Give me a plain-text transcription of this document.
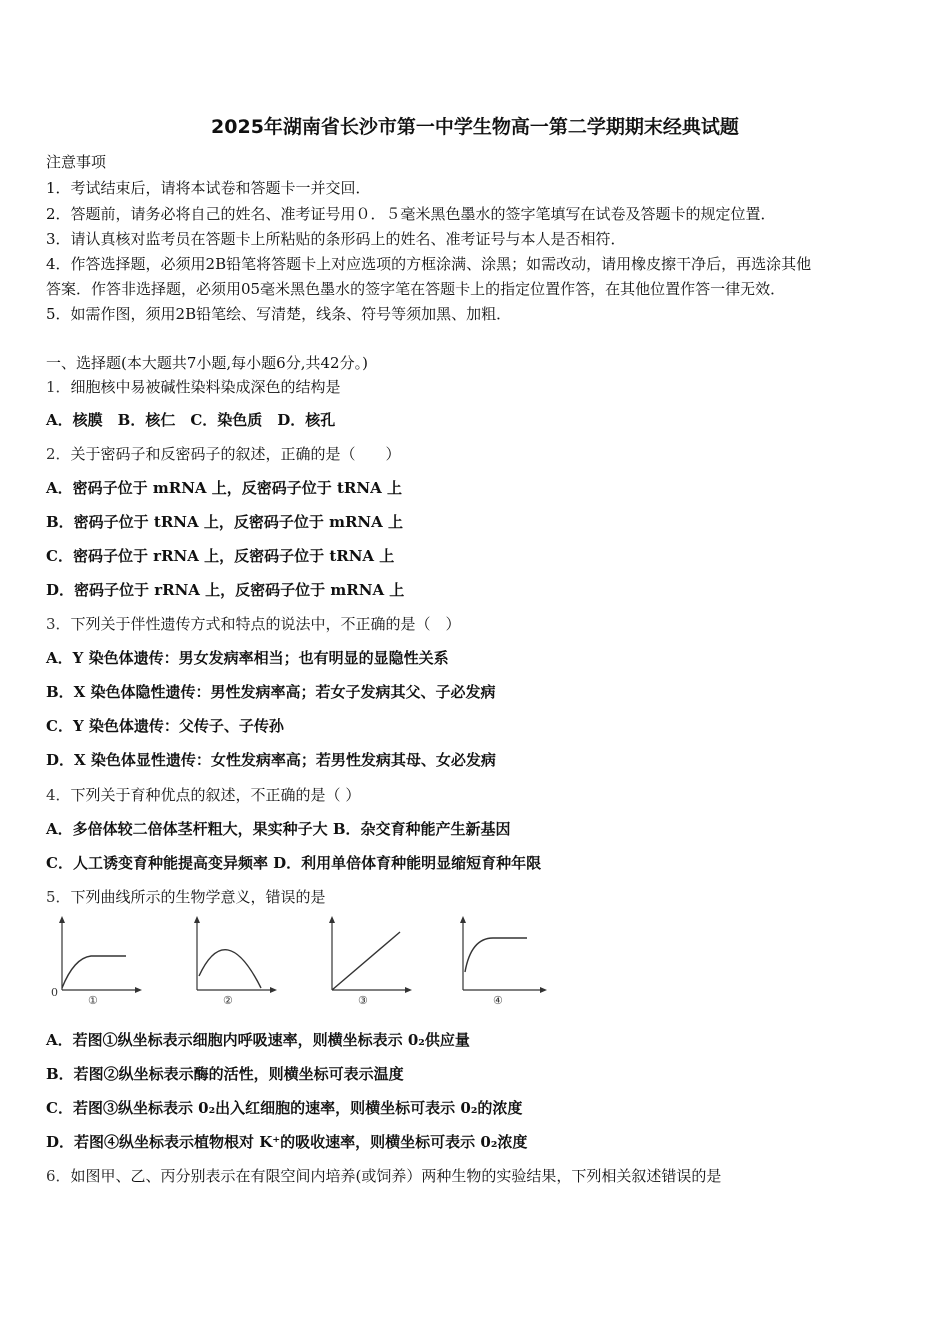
2025年湖南省长沙市第一中学生物高一第二学期期末经典试题
注意事项
1．考试结束后，请将本试卷和答题卡一并交回．
2．答题前，请务必将自己的姓名、准考证号用０．５毫米黑色墨水的签字笔填写在试卷及答题卡的规定位置．
3．请认真核对监考员在答题卡上所粘贴的条形码上的姓名、准考证号与本人是否相符．
4．作答选择题，必须用2B铅笔将答题卡上对应选项的方框涂满、涂黑；如需改动，请用橡皮擦干净后，再选涂其他
答案．作答非选择题，必须用05毫米黑色墨水的签字笔在答题卡上的指定位置作答，在其他位置作答一律无效．
5．如需作图，须用2B铅笔绘、写清楚，线条、符号等须加黑、加粗．
一、选择题(本大题共7小题,每小题6分,共42分。)
1．细胞核中易被碱性染料染成深色的结构是
A．核膜　B．核仁　C．染色质　D．核孔
2．关于密码子和反密码子的叙述，正确的是（　　）
A．密码子位于 mRNA 上，反密码子位于 tRNA 上
B．密码子位于 tRNA 上，反密码子位于 mRNA 上
C．密码子位于 rRNA 上，反密码子位于 tRNA 上
D．密码子位于 rRNA 上，反密码子位于 mRNA 上
3．下列关于伴性遗传方式和特点的说法中，不正确的是（　）
A．Y 染色体遗传：男女发病率相当；也有明显的显隐性关系
B．X 染色体隐性遗传：男性发病率高；若女子发病其父、子必发病
C．Y 染色体遗传：父传子、子传孙
D．X 染色体显性遗传：女性发病率高；若男性发病其母、女必发病
4．下列关于育种优点的叙述，不正确的是（ ）
A．多倍体较二倍体茎杆粗大，果实种子大 B．杂交育种能产生新基因
C．人工诱变育种能提高变异频率 D．利用单倍体育种能明显缩短育种年限
5．下列曲线所示的生物学意义，错误的是
0
①	②	③	④
A．若图①纵坐标表示细胞内呼吸速率，则横坐标表示 0₂供应量
B．若图②纵坐标表示酶的活性，则横坐标可表示温度
C．若图③纵坐标表示 0₂出入红细胞的速率，则横坐标可表示 0₂的浓度
D．若图④纵坐标表示植物根对 K⁺的吸收速率，则横坐标可表示 0₂浓度
6．如图甲、乙、丙分别表示在有限空间内培养(或饲养）两种生物的实验结果，下列相关叙述错误的是
